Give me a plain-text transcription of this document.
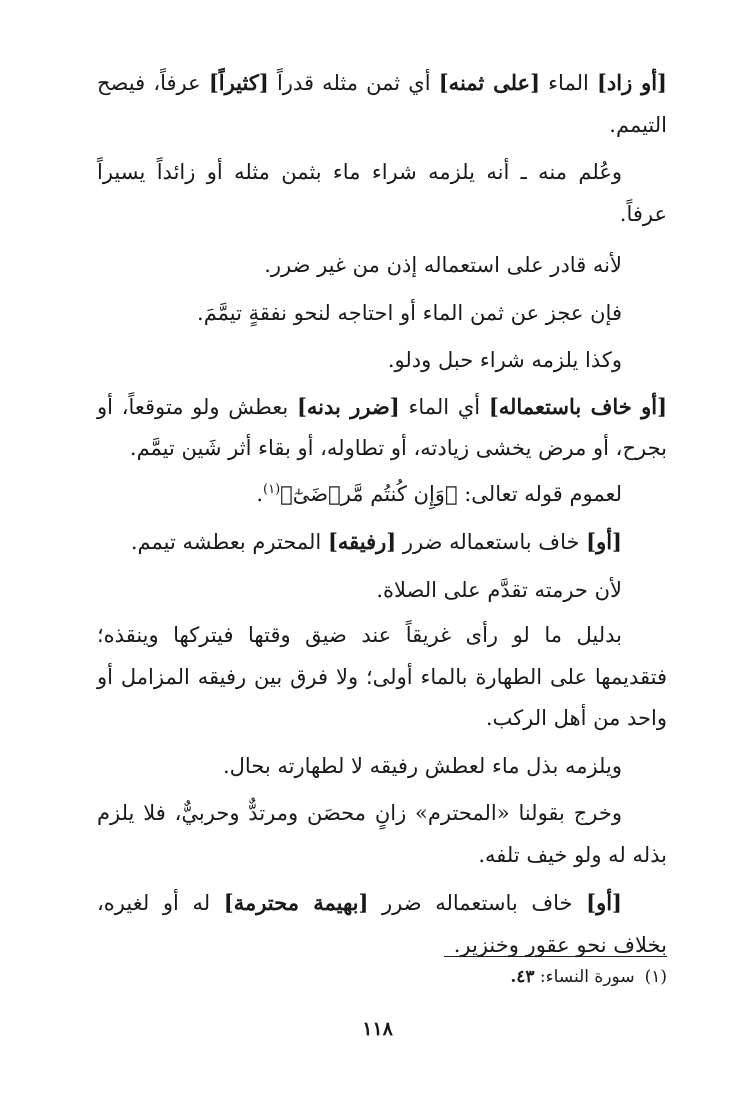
[أو زاد] الماء [على ثمنه] أي ثمن مثله قدراً [كثيراً] عرفاً، فيصح التيمم.

وعُلم منه ـ أنه يلزمه شراء ماء بثمن مثله أو زائداً يسيراً عرفاً.

لأنه قادر على استعماله إذن من غير ضرر.

فإن عجز عن ثمن الماء أو احتاجه لنحو نفقةٍ تيمَّمَ.

وكذا يلزمه شراء حبل ودلو.

[أو خاف باستعماله] أي الماء [ضرر بدنه] بعطش ولو متوقعاً، أو بجرح، أو مرض يخشى زيادته، أو تطاوله، أو بقاء أثر شَين تيمَّم.

لعموم قوله تعالى: ﴿وَإِن كُنتُم مَّرۡضَىٰٓ﴾$^{(١)}$.

[أو] خاف باستعماله ضرر [رفيقه] المحترم بعطشه تيمم.

لأن حرمته تقدَّم على الصلاة.

بدليل ما لو رأى غريقاً عند ضيق وقتها فيتركها وينقذه؛ فتقديمها على الطهارة بالماء أولى؛ ولا فرق بين رفيقه المزامل أو واحد من أهل الركب.

ويلزمه بذل ماء لعطش رفيقه لا لطهارته بحال.

وخرج بقولنا «المحترم» زانٍ محصَن ومرتدٌّ وحربيٌّ، فلا يلزم بذله له ولو خيف تلفه.

[أو] خاف باستعماله ضرر [بهيمة محترمة] له أو لغيره، بخلاف نحو عقور وخنزير.

(١)سورة النساء: ٤٣.
١١٨
